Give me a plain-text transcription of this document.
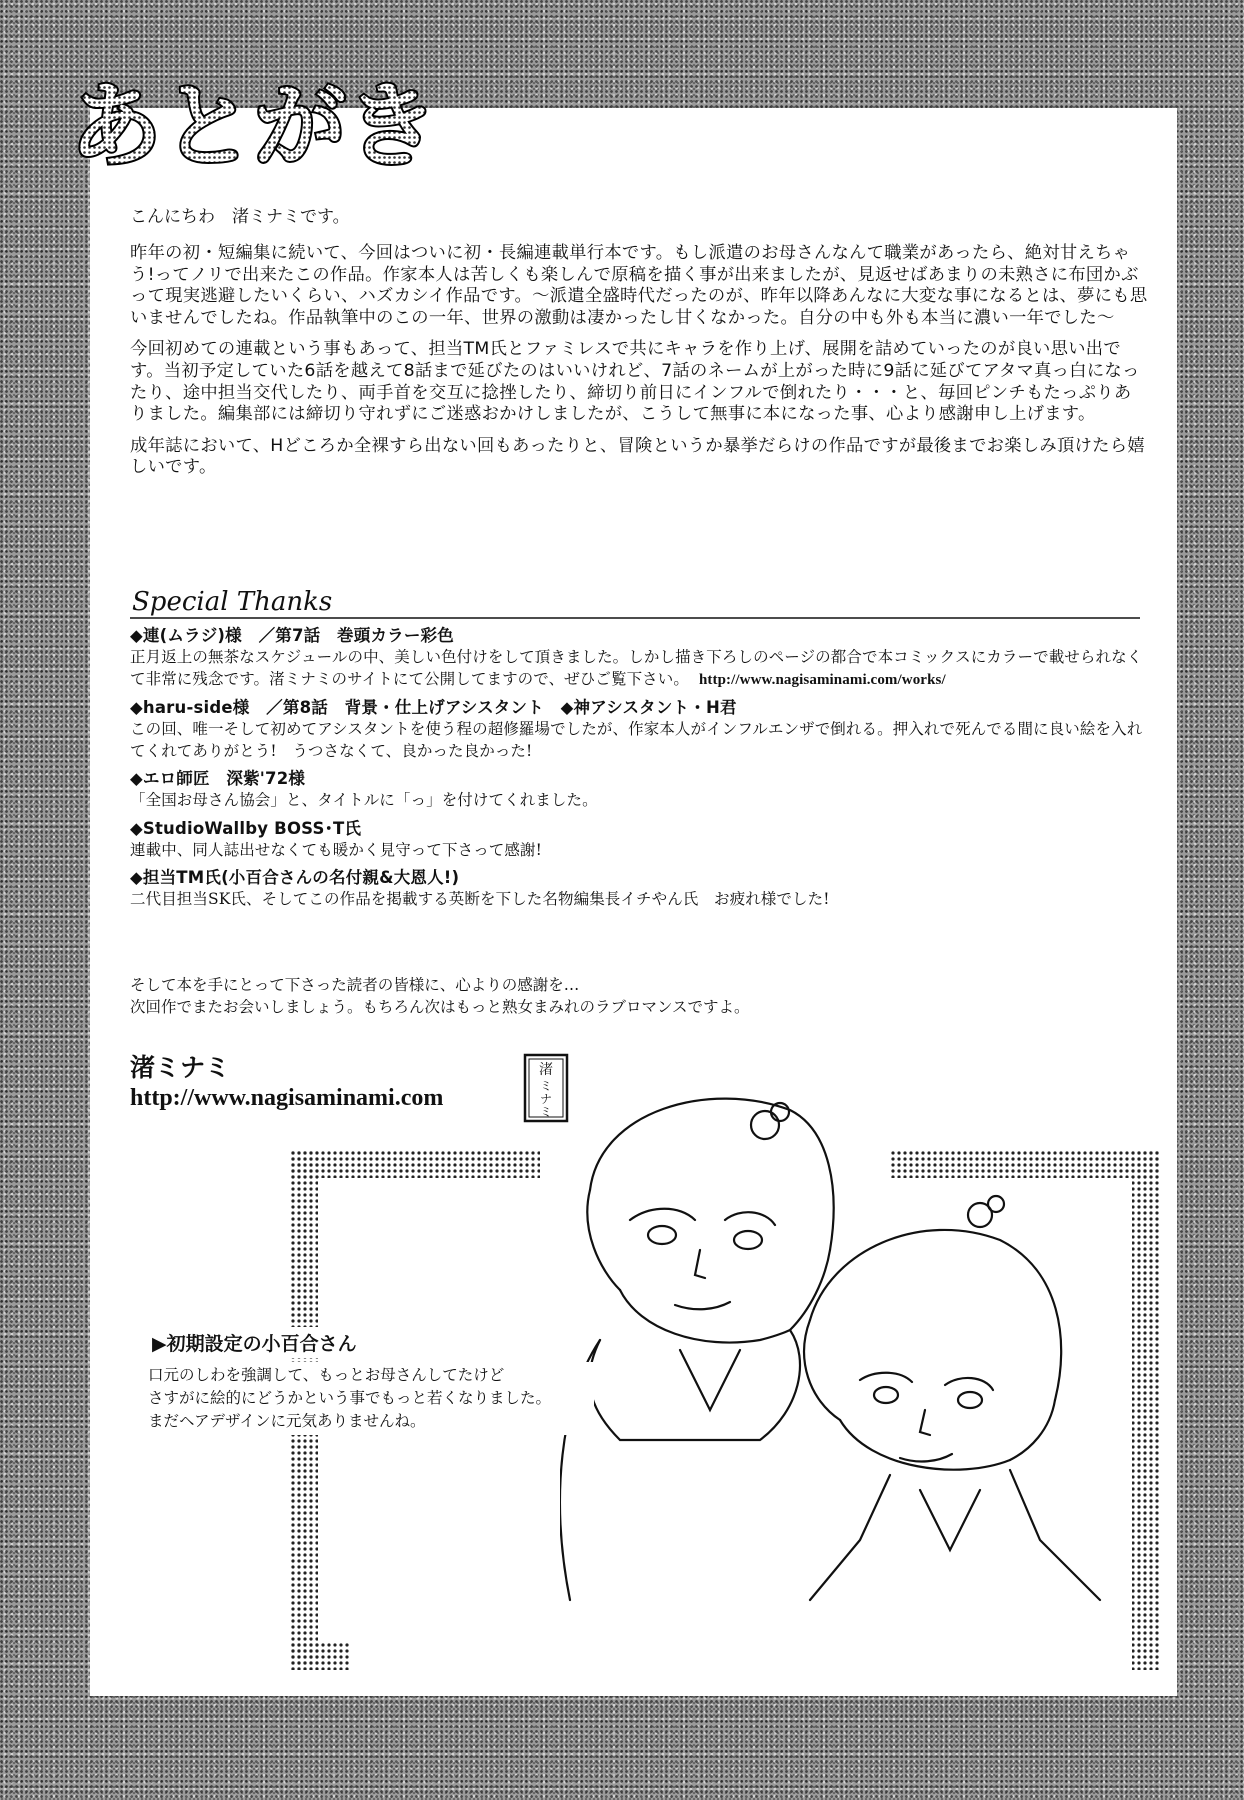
あとがき

こんにちわ　渚ミナミです。

昨年の初・短編集に続いて、今回はついに初・長編連載単行本です。もし派遣のお母さんなんて職業があったら、絶対甘えちゃう!ってノリで出来たこの作品。作家本人は苦しくも楽しんで原稿を描く事が出来ましたが、見返せばあまりの未熟さに布団かぶって現実逃避したいくらい、ハズカシイ作品です。～派遣全盛時代だったのが、昨年以降あんなに大変な事になるとは、夢にも思いませんでしたね。作品執筆中のこの一年、世界の激動は凄かったし甘くなかった。自分の中も外も本当に濃い一年でした～

今回初めての連載という事もあって、担当TM氏とファミレスで共にキャラを作り上げ、展開を詰めていったのが良い思い出です。当初予定していた6話を越えて8話まで延びたのはいいけれど、7話のネームが上がった時に9話に延びてアタマ真っ白になったり、途中担当交代したり、両手首を交互に捻挫したり、締切り前日にインフルで倒れたり・・・と、毎回ピンチもたっぷりありました。編集部には締切り守れずにご迷惑おかけしましたが、こうして無事に本になった事、心より感謝申し上げます。

成年誌において、Hどころか全裸すら出ない回もあったりと、冒険というか暴挙だらけの作品ですが最後までお楽しみ頂けたら嬉しいです。

Special Thanks

◆連(ムラジ)様　／第7話　巻頭カラー彩色

正月返上の無茶なスケジュールの中、美しい色付けをして頂きました。しかし描き下ろしのページの都合で本コミックスにカラーで載せられなくて非常に残念です。渚ミナミのサイトにて公開してますので、ぜひご覧下さい。 http://www.nagisaminami.com/works/

◆haru-side様　／第8話　背景・仕上げアシスタント　◆神アシスタント・H君

この回、唯一そして初めてアシスタントを使う程の超修羅場でしたが、作家本人がインフルエンザで倒れる。押入れで死んでる間に良い絵を入れてくれてありがとう!　うつさなくて、良かった良かった!

◆エロ師匠　深紫'72様

「全国お母さん協会」と、タイトルに「っ」を付けてくれました。

◆StudioWallby BOSS･T氏

連載中、同人誌出せなくても暖かく見守って下さって感謝!

◆担当TM氏(小百合さんの名付親&大恩人!)

二代目担当SK氏、そしてこの作品を掲載する英断を下した名物編集長イチやん氏　お疲れ様でした!

そして本を手にとって下さった読者の皆様に、心よりの感謝を…
次回作でまたお会いしましょう。もちろん次はもっと熟女まみれのラブロマンスですよ。
渚ミナミ
http://www.nagisaminami.com
渚
ミ
ナ
ミ
▶初期設定の小百合さん
口元のしわを強調して、もっとお母さんしてたけど
さすがに絵的にどうかという事でもっと若くなりました。
まだヘアデザインに元気ありませんね。
